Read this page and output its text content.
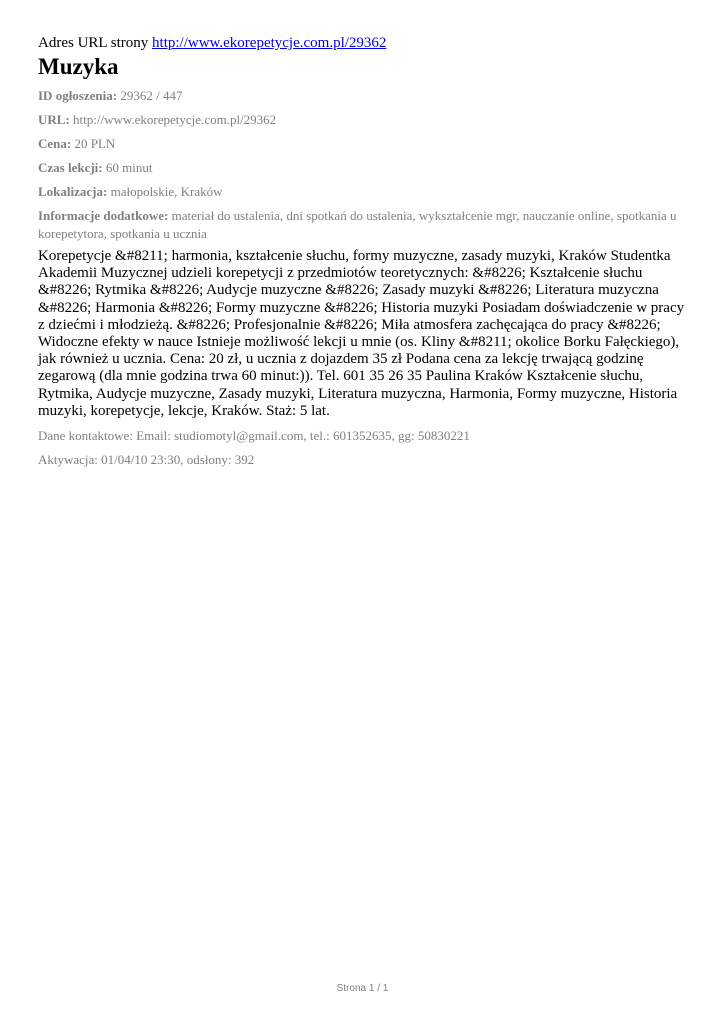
Adres URL strony http://www.ekorepetycje.com.pl/29362

Muzyka

ID ogłoszenia: 29362 / 447

URL: http://www.ekorepetycje.com.pl/29362

Cena: 20 PLN

Czas lekcji: 60 minut

Lokalizacja: małopolskie, Kraków

Informacje dodatkowe: materiał do ustalenia, dni spotkań do ustalenia, wykształcenie mgr, nauczanie online, spotkania u korepetytora, spotkania u ucznia

Korepetycje &#8211; harmonia, kształcenie słuchu, formy muzyczne, zasady muzyki, Kraków Studentka Akademii Muzycznej udzieli korepetycji z przedmiotów teoretycznych: &#8226; Kształcenie słuchu &#8226; Rytmika &#8226; Audycje muzyczne &#8226; Zasady muzyki &#8226; Literatura muzyczna &#8226; Harmonia &#8226; Formy muzyczne &#8226; Historia muzyki Posiadam doświadczenie w pracy z dziećmi i młodzieżą. &#8226; Profesjonalnie &#8226; Miła atmosfera zachęcająca do pracy &#8226; Widoczne efekty w nauce Istnieje możliwość lekcji u mnie (os. Kliny &#8211; okolice Borku Fałęckiego), jak również u ucznia. Cena: 20 zł, u ucznia z dojazdem 35 zł Podana cena za lekcję trwającą godzinę zegarową (dla mnie godzina trwa 60 minut:)). Tel. 601 35 26 35 Paulina Kraków Kształcenie słuchu, Rytmika, Audycje muzyczne, Zasady muzyki, Literatura muzyczna, Harmonia, Formy muzyczne, Historia muzyki, korepetycje, lekcje, Kraków. Staż: 5 lat.

Dane kontaktowe: Email: studiomotyl@gmail.com, tel.: 601352635, gg: 50830221

Aktywacja: 01/04/10 23:30, odsłony: 392

Strona 1 / 1
